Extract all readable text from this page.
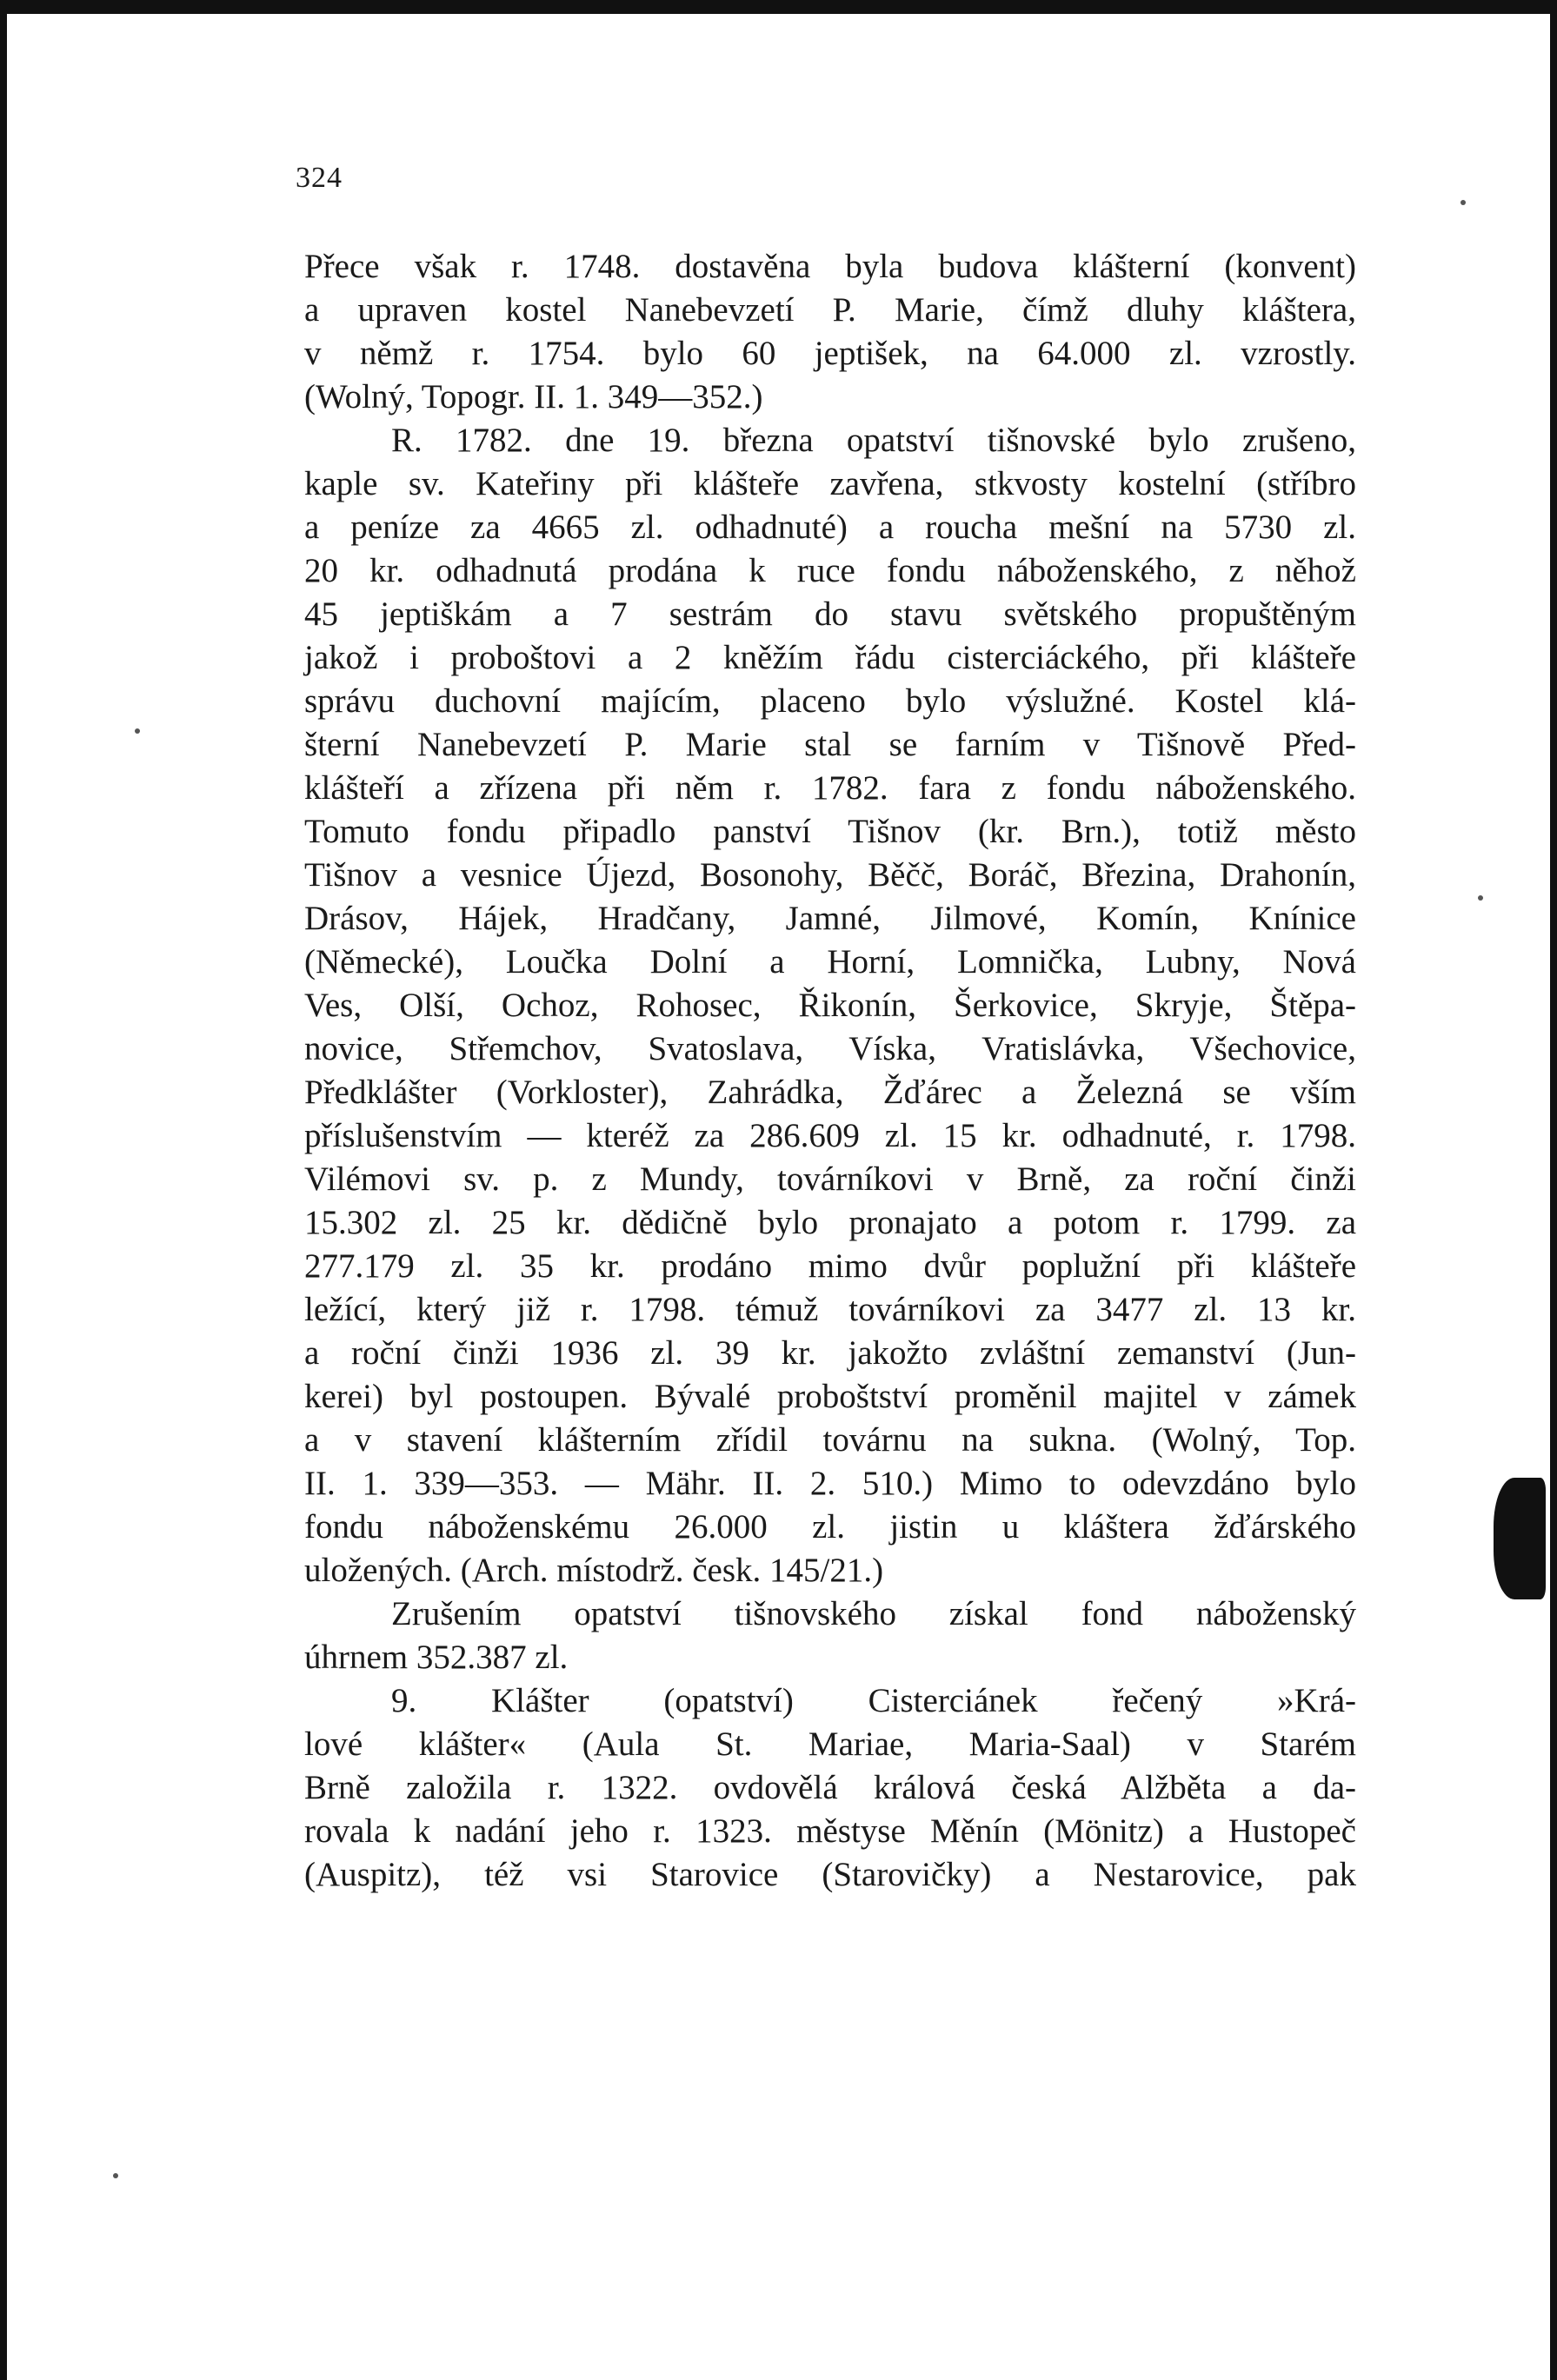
324
Přece však r. 1748. dostavěna byla budova klášterní (konvent)
a upraven kostel Nanebevzetí P. Marie, čímž dluhy kláštera,
v němž r. 1754. bylo 60 jeptišek, na 64.000 zl. vzrostly.
(Wolný, Topogr. II. 1. 349—352.)
R. 1782. dne 19. března opatství tišnovské bylo zrušeno,
kaple sv. Kateřiny při klášteře zavřena, stkvosty kostelní (stříbro
a peníze za 4665 zl. odhadnuté) a roucha mešní na 5730 zl.
20 kr. odhadnutá prodána k ruce fondu náboženského, z něhož
45 jeptiškám a 7 sestrám do stavu světského propuštěným
jakož i proboštovi a 2 kněžím řádu cisterciáckého, při klášteře
správu duchovní majícím, placeno bylo výslužné. Kostel klá-
šterní Nanebevzetí P. Marie stal se farním v Tišnově Před-
klášteří a zřízena při něm r. 1782. fara z fondu náboženského.
Tomuto fondu připadlo panství Tišnov (kr. Brn.), totiž město
Tišnov a vesnice Újezd, Bosonohy, Běčč, Boráč, Březina, Drahonín,
Drásov, Hájek, Hradčany, Jamné, Jilmové, Komín, Knínice
(Německé), Loučka Dolní a Horní, Lomnička, Lubny, Nová
Ves, Olší, Ochoz, Rohosec, Řikonín, Šerkovice, Skryje, Štěpa-
novice, Střemchov, Svatoslava, Víska, Vratislávka, Všechovice,
Předklášter (Vorkloster), Zahrádka, Žďárec a Železná se vším
příslušenstvím — kteréž za 286.609 zl. 15 kr. odhadnuté, r. 1798.
Vilémovi sv. p. z Mundy, továrníkovi v Brně, za roční činži
15.302 zl. 25 kr. dědičně bylo pronajato a potom r. 1799. za
277.179 zl. 35 kr. prodáno mimo dvůr poplužní při klášteře
ležící, který již r. 1798. témuž továrníkovi za 3477 zl. 13 kr.
a roční činži 1936 zl. 39 kr. jakožto zvláštní zemanství (Jun-
kerei) byl postoupen. Bývalé proboštství proměnil majitel v zámek
a v stavení klášterním zřídil továrnu na sukna. (Wolný, Top.
II. 1. 339—353. — Mähr. II. 2. 510.) Mimo to odevzdáno bylo
fondu náboženskému 26.000 zl. jistin u kláštera žďárského
uložených. (Arch. místodrž. česk. 145/21.)
Zrušením opatství tišnovského získal fond náboženský
úhrnem 352.387 zl.
9. Klášter (opatství) Cisterciánek řečený »Krá-
lové klášter« (Aula St. Mariae, Maria-Saal) v Starém
Brně založila r. 1322. ovdovělá králová česká Alžběta a da-
rovala k nadání jeho r. 1323. městyse Měnín (Mönitz) a Hustopeč
(Auspitz), též vsi Starovice (Starovičky) a Nestarovice, pak
